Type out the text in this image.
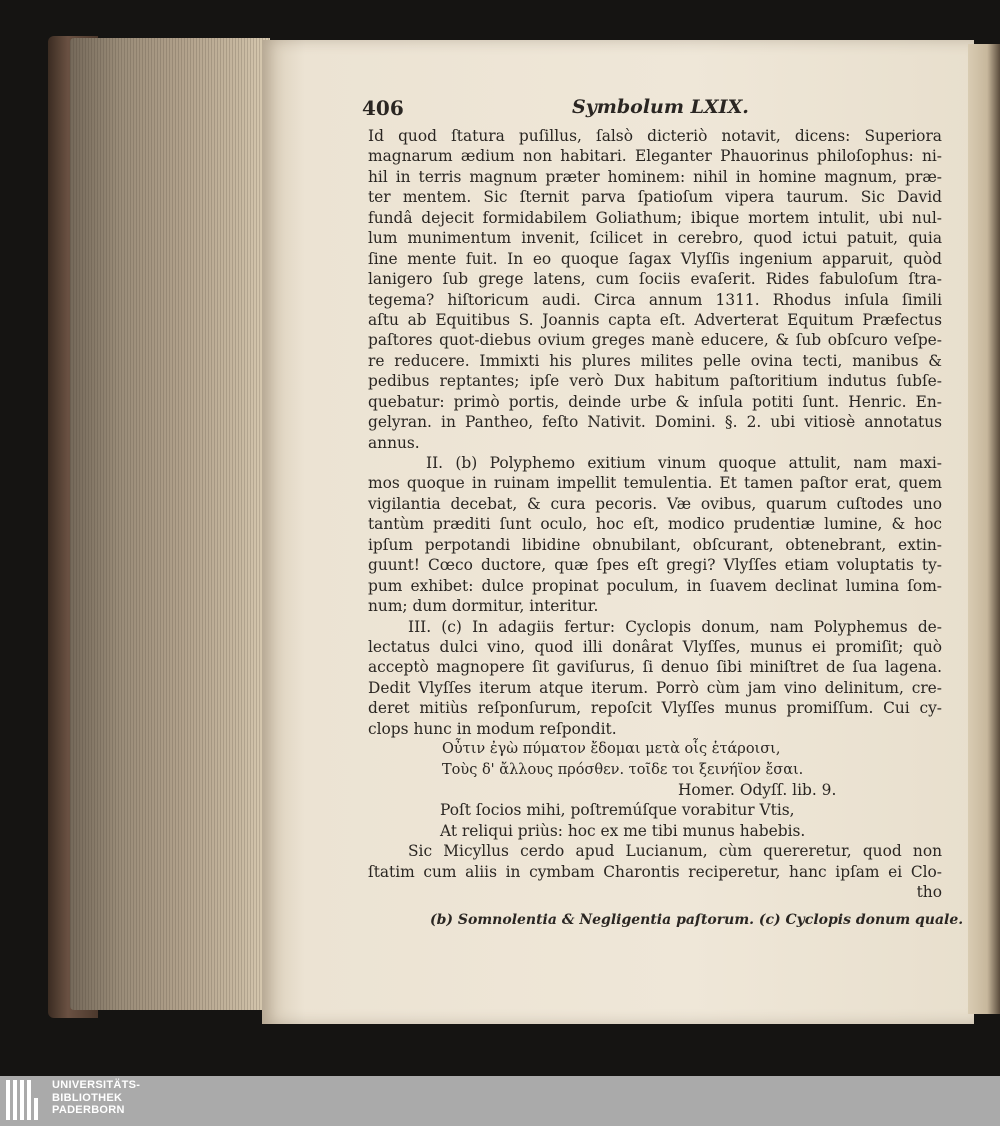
406	Symbolum LXIX.
Id quod ſtatura puſillus, ſalsò dicteriò notavit, dicens: Superiora
magnarum ædium non habitari. Eleganter Phauorinus philoſophus: ni-
hil in terris magnum præter hominem: nihil in homine magnum, præ-
ter mentem. Sic ſternit parva ſpatioſum vipera taurum. Sic David
fundâ dejecit formidabilem Goliathum; ibique mortem intulit, ubi nul-
lum munimentum invenit, ſcilicet in cerebro, quod ictui patuit, quia
ſine mente fuit. In eo quoque ſagax Vlyſſis ingenium apparuit, quòd
lanigero ſub grege latens, cum ſociis evaſerit. Rides fabuloſum ſtra-
tegema? hiſtoricum audi. Circa annum 1311. Rhodus inſula ſimili
aſtu ab Equitibus S. Joannis capta eſt. Adverterat Equitum Præfectus
paſtores quot-diebus ovium greges manè educere, & ſub obſcuro veſpe-
re reducere. Immixti his plures milites pelle ovina tecti, manibus &
pedibus reptantes; ipſe verò Dux habitum paſtoritium indutus ſubſe-
quebatur: primò portis, deinde urbe & inſula potiti ſunt. Henric. En-
gelyran. in Pantheo, feſto Nativit. Domini. §. 2. ubi vitiosè annotatus
annus.
II. (b) Polyphemo exitium vinum quoque attulit, nam maxi-
mos quoque in ruinam impellit temulentia. Et tamen paſtor erat, quem
vigilantia decebat, & cura pecoris. Væ ovibus, quarum cuſtodes uno
tantùm præditi ſunt oculo, hoc eſt, modico prudentiæ lumine, & hoc
ipſum perpotandi libidine obnubilant, obſcurant, obtenebrant, extin-
guunt! Cœco ductore, quæ ſpes eſt gregi? Vlyſſes etiam voluptatis ty-
pum exhibet: dulce propinat poculum, in ſuavem declinat lumina ſom-
num; dum dormitur, interitur.
III. (c) In adagiis fertur: Cyclopis donum, nam Polyphemus de-
lectatus dulci vino, quod illi donârat Vlyſſes, munus ei promiſit; quò
acceptò magnopere ſit gaviſurus, ſi denuo ſibi miniſtret de ſua lagena.
Dedit Vlyſſes iterum atque iterum. Porrò cùm jam vino delinitum, cre-
deret mitiùs reſponſurum, repoſcit Vlyſſes munus promiſſum. Cui cy-
clops hunc in modum reſpondit.
Οὖτιν ἐγὼ πύματον ἔδομαι μετὰ οἷς ἑτάροισι,
Τοὺς δ' ἄλλους πρόσθεν. τοῖδε τοι ξεινήϊον ἔσαι.
Homer. Odyſſ. lib. 9.
Poſt ſocios mihi, poſtremúſque vorabitur Vtis,
At reliqui priùs: hoc ex me tibi munus habebis.
Sic Micyllus cerdo apud Lucianum, cùm quereretur, quod non
ſtatim cum aliis in cymbam Charontis reciperetur, hanc ipſam ei Clo-
tho
(b) Somnolentia & Negligentia paſtorum. (c) Cyclopis donum quale.
UNIVERSITÄTS-
BIBLIOTHEK
PADERBORN
